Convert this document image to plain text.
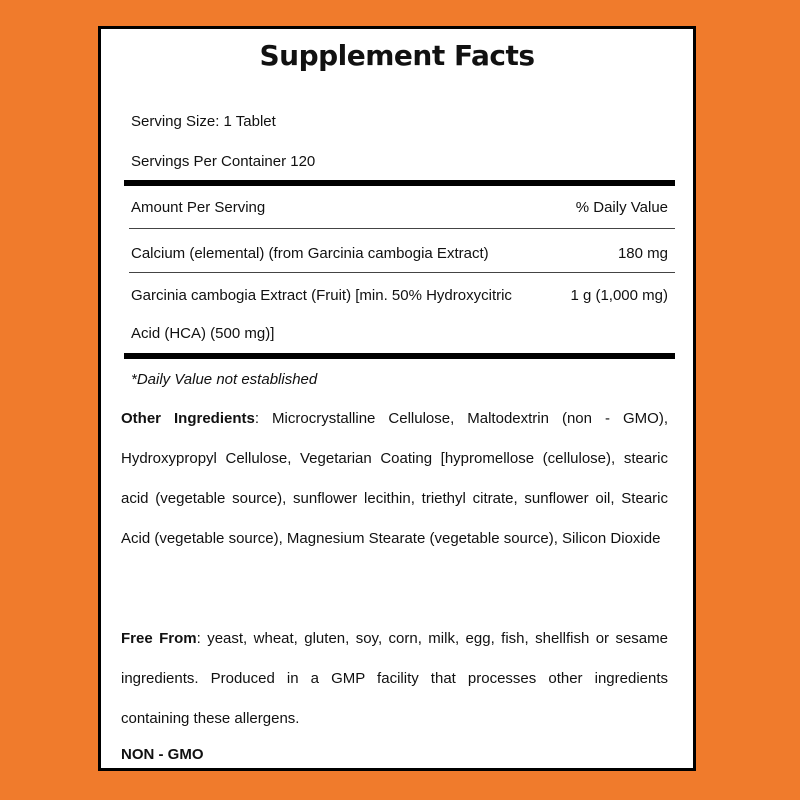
Supplement Facts
Serving Size: 1 Tablet
Servings Per Container 120
Amount Per Serving	% Daily Value
Calcium (elemental) (from Garcinia cambogia Extract)	180 mg
Garcinia cambogia Extract (Fruit) [min. 50% Hydroxycitric	1 g (1,000 mg)
Acid (HCA) (500 mg)]
*Daily Value not established
Other Ingredients: Microcrystalline Cellulose, Maltodextrin (non - GMO), Hydroxypropyl Cellulose, Vegetarian Coating [hypromellose (cellulose), stearic acid (vegetable source), sunflower lecithin, triethyl citrate, sunflower oil, Stearic Acid (vegetable source), Magnesium Stearate (vegetable source), Silicon Dioxide
Free From: yeast, wheat, gluten, soy, corn, milk, egg, fish, shellfish or sesame ingredients. Produced in a GMP facility that processes other ingredients containing these allergens.
NON - GMO
